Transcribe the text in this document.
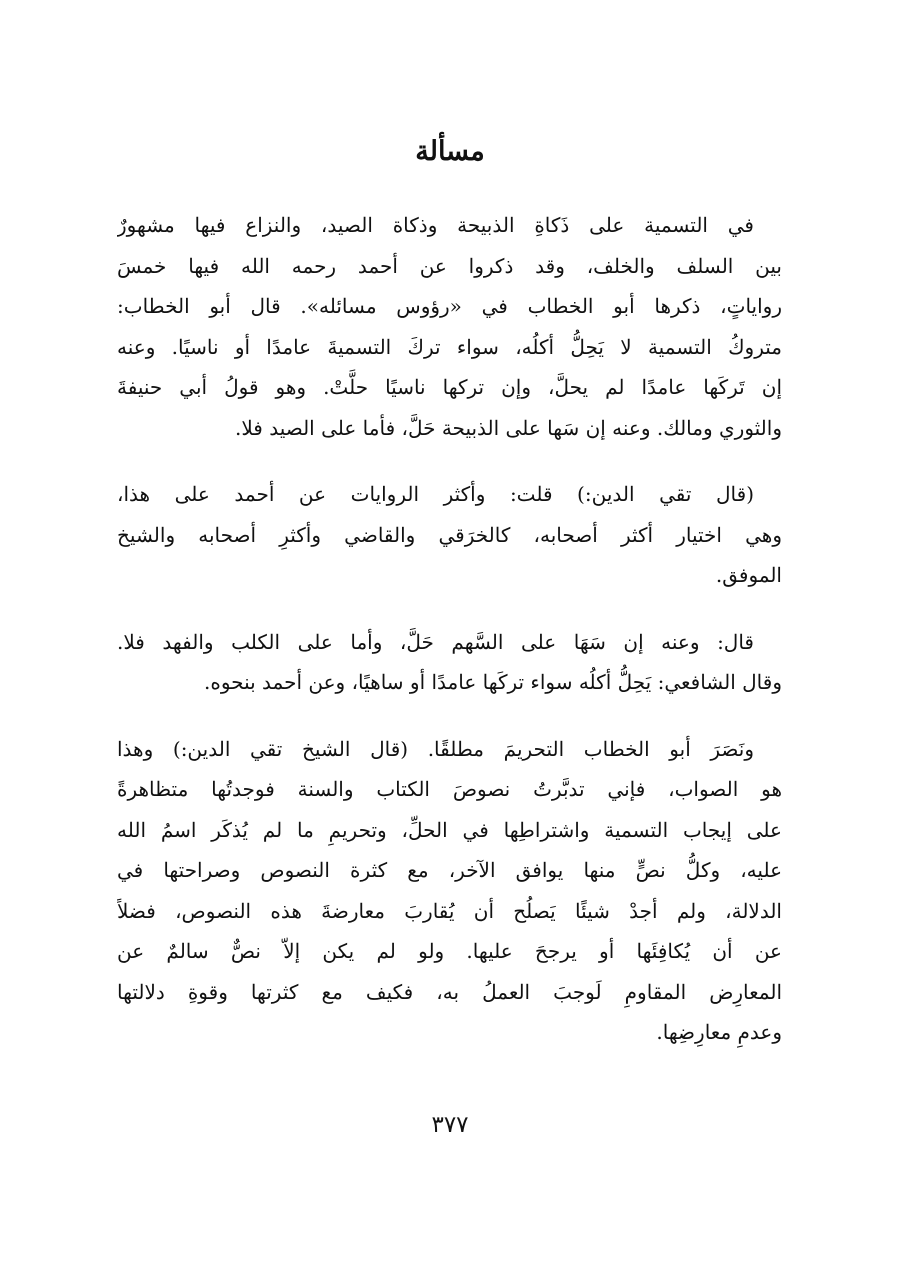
مسألة

في التسمية على ذَكاةِ الذبيحة وذكاة الصيد، والنزاع فيها مشهورٌ
بين السلف والخلف، وقد ذكروا عن أحمد رحمه الله فيها خمسَ
رواياتٍ، ذكرها أبو الخطاب في «رؤوس مسائله». قال أبو الخطاب:
متروكُ التسمية لا يَحِلُّ أكلُه، سواء تركَ التسميةَ عامدًا أو ناسيًا. وعنه
إن تَركَها عامدًا لم يحلَّ، وإن تركها ناسيًا حلَّتْ. وهو قولُ أبي حنيفةَ
والثوري ومالك. وعنه إن سَها على الذبيحة حَلَّ، فأما على الصيد فلا.

(قال تقي الدين:) قلت: وأكثر الروايات عن أحمد على هذا،
وهي اختيار أكثر أصحابه، كالخرَقي والقاضي وأكثرِ أصحابه والشيخ
الموفق.

قال: وعنه إن سَهَا على السَّهم حَلَّ، وأما على الكلب والفهد فلا.
وقال الشافعي: يَحِلُّ أكلُه سواء تركَها عامدًا أو ساهيًا، وعن أحمد بنحوه.

ونَصَرَ أبو الخطاب التحريمَ مطلقًا. (قال الشيخ تقي الدين:) وهذا
هو الصواب، فإني تدبَّرتُ نصوصَ الكتاب والسنة فوجدتُها متظاهرةً
على إيجاب التسمية واشتراطِها في الحلِّ، وتحريمِ ما لم يُذكَر اسمُ الله
عليه، وكلُّ نصٍّ منها يوافق الآخر، مع كثرة النصوص وصراحتها في
الدلالة، ولم أجدْ شيئًا يَصلُح أن يُقاربَ معارضةَ هذه النصوص، فضلاً
عن أن يُكافِئَها أو يرجحَ عليها. ولو لم يكن إلاّ نصٌّ سالمٌ عن
المعارِض المقاومِ لَوجبَ العملُ به، فكيف مع كثرتها وقوةِ دلالتها
وعدمِ معارِضِها.

٣٧٧
